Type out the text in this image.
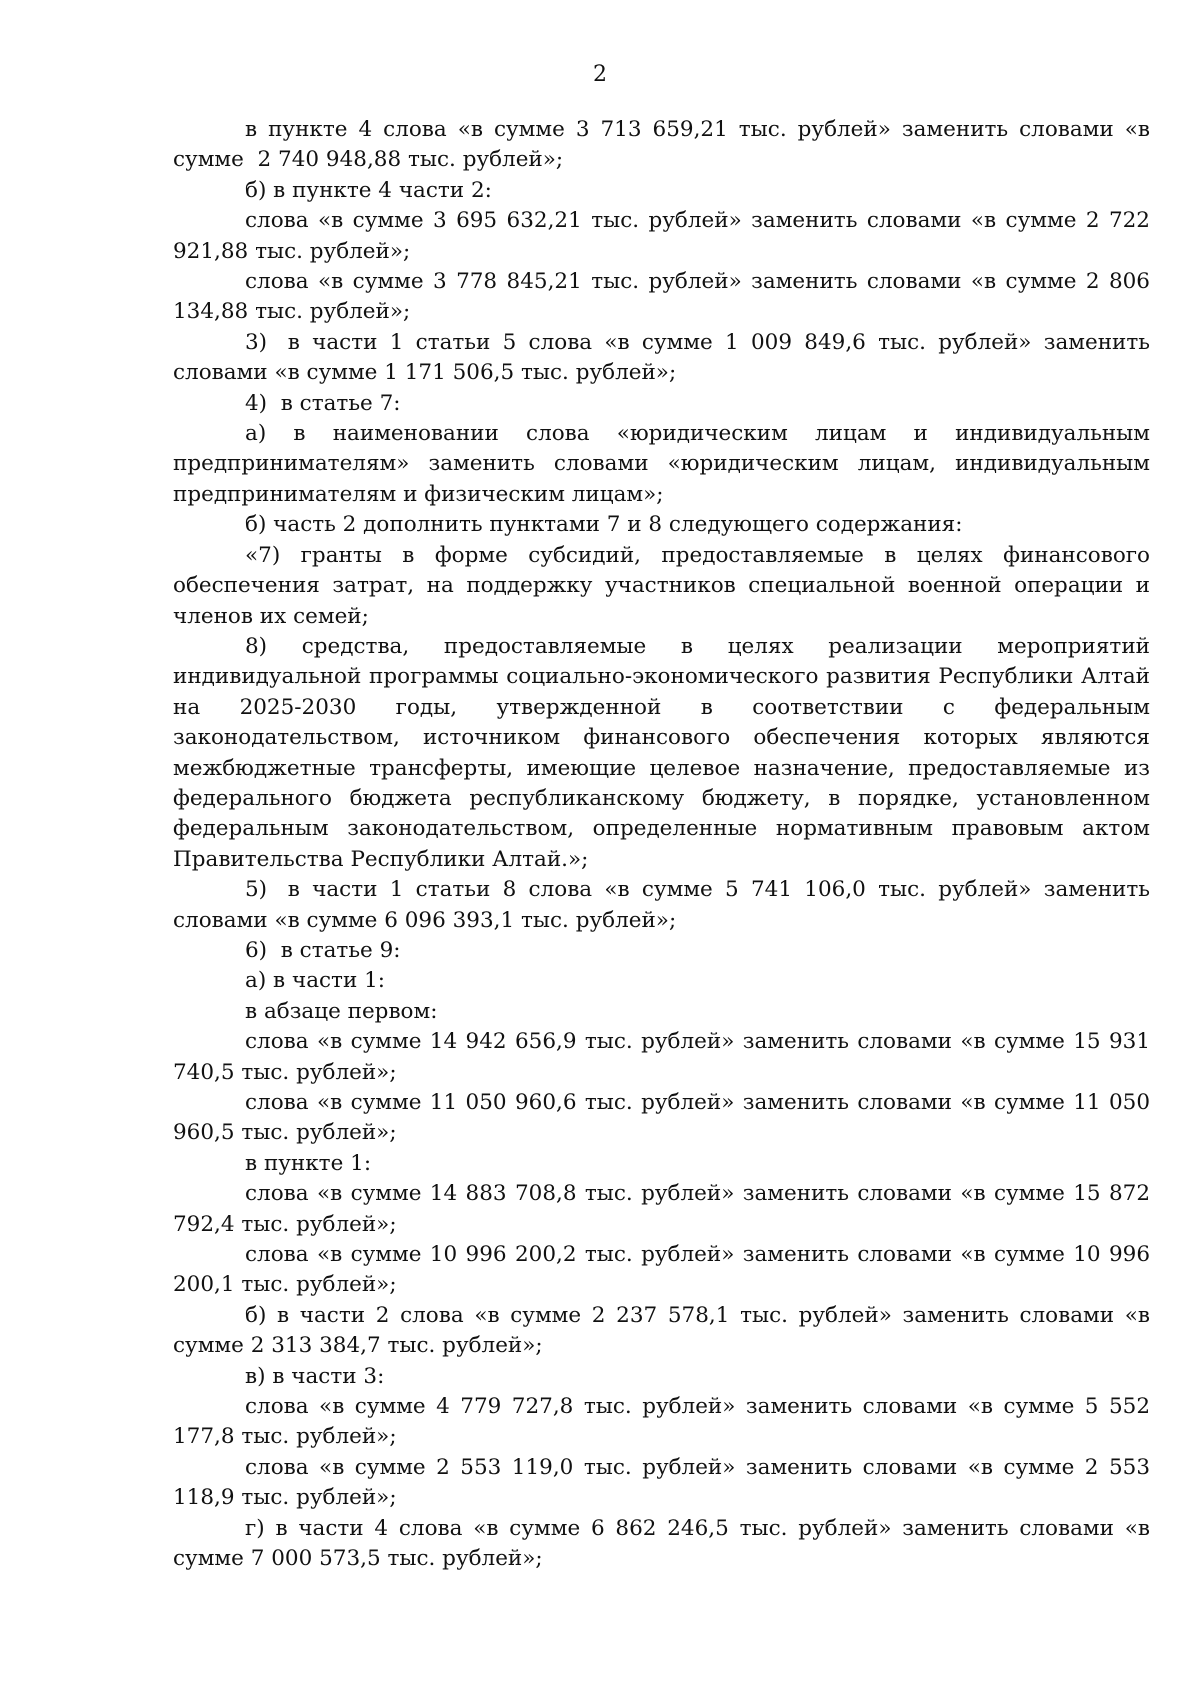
2

в пункте 4 слова «в сумме 3 713 659,21 тыс. рублей» заменить словами «в сумме  2 740 948,88 тыс. рублей»;

б) в пункте 4 части 2:

слова «в сумме 3 695 632,21 тыс. рублей» заменить словами «в сумме 2 722 921,88 тыс. рублей»;

слова «в сумме 3 778 845,21 тыс. рублей» заменить словами «в сумме 2 806 134,88 тыс. рублей»;

3)	в части 1 статьи 5 слова «в сумме 1 009 849,6 тыс. рублей» заменить словами «в сумме 1 171 506,5 тыс. рублей»;

4)  в статье 7:

а) в наименовании слова «юридическим лицам и индивидуальным предпринимателям» заменить словами «юридическим лицам, индивидуальным предпринимателям и физическим лицам»;

б) часть 2 дополнить пунктами 7 и 8 следующего содержания:

«7) гранты в форме субсидий, предоставляемые в целях финансового обеспечения затрат, на поддержку участников специальной военной операции и членов их семей;

8) средства, предоставляемые в целях реализации мероприятий индивидуальной программы социально-экономического развития Республики Алтай на 2025-2030 годы, утвержденной в соответствии с федеральным законодательством, источником финансового обеспечения которых являются межбюджетные трансферты, имеющие целевое назначение, предоставляемые из федерального бюджета республиканскому бюджету, в порядке, установленном федеральным законодательством, определенные нормативным правовым актом Правительства Республики Алтай.»;

5)	в части 1 статьи 8 слова «в сумме 5 741 106,0 тыс. рублей» заменить словами «в сумме 6 096 393,1 тыс. рублей»;

6)  в статье 9:

а) в части 1:

в абзаце первом:

слова «в сумме 14 942 656,9 тыс. рублей» заменить словами «в сумме 15 931 740,5 тыс. рублей»;

слова «в сумме 11 050 960,6 тыс. рублей» заменить словами «в сумме 11 050 960,5 тыс. рублей»;

в пункте 1:

слова «в сумме 14 883 708,8 тыс. рублей» заменить словами «в сумме 15 872 792,4 тыс. рублей»;

слова «в сумме 10 996 200,2 тыс. рублей» заменить словами «в сумме 10 996 200,1 тыс. рублей»;

б) в части 2 слова «в сумме 2 237 578,1 тыс. рублей» заменить словами «в сумме 2 313 384,7 тыс. рублей»;

в) в части 3:

слова «в сумме 4 779 727,8 тыс. рублей» заменить словами «в сумме 5 552 177,8 тыс. рублей»;

слова «в сумме 2 553 119,0 тыс. рублей» заменить словами «в сумме 2 553 118,9 тыс. рублей»;

г) в части 4 слова «в сумме 6 862 246,5 тыс. рублей» заменить словами «в сумме 7 000 573,5 тыс. рублей»;
